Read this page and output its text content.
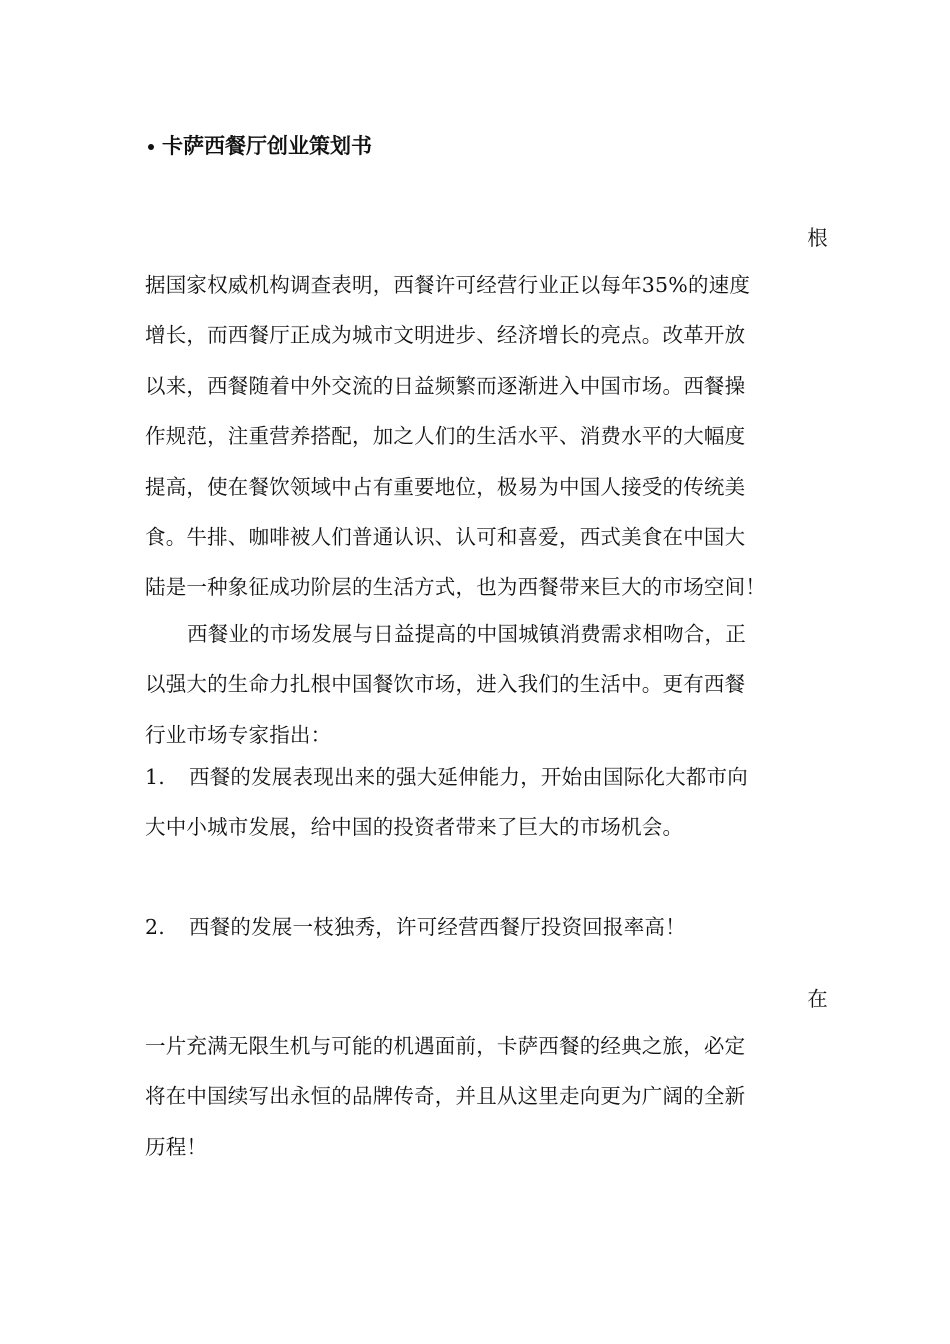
卡萨西餐厅创业策划书
根
据国家权威机构调查表明，西餐许可经营行业正以每年35%的速度
增长，而西餐厅正成为城市文明进步、经济增长的亮点。改革开放
以来，西餐随着中外交流的日益频繁而逐渐进入中国市场。西餐操
作规范，注重营养搭配，加之人们的生活水平、消费水平的大幅度
提高，使在餐饮领域中占有重要地位，极易为中国人接受的传统美
食。牛排、咖啡被人们普通认识、认可和喜爱，西式美食在中国大
陆是一种象征成功阶层的生活方式，也为西餐带来巨大的市场空间！
西餐业的市场发展与日益提高的中国城镇消费需求相吻合，正
以强大的生命力扎根中国餐饮市场，进入我们的生活中。更有西餐
行业市场专家指出：
1. 西餐的发展表现出来的强大延伸能力，开始由国际化大都市向
大中小城市发展，给中国的投资者带来了巨大的市场机会。
2. 西餐的发展一枝独秀，许可经营西餐厅投资回报率高！
在
一片充满无限生机与可能的机遇面前，卡萨西餐的经典之旅，必定
将在中国续写出永恒的品牌传奇，并且从这里走向更为广阔的全新
历程！
